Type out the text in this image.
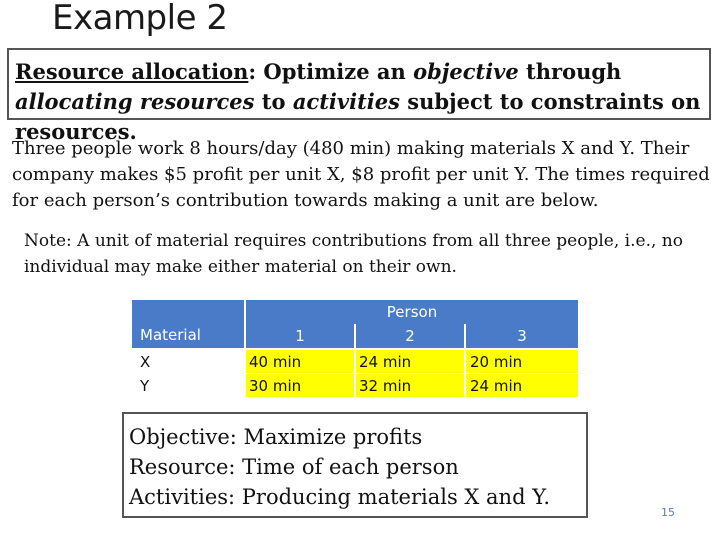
Example 2
Resource allocation: Optimize an objective through allocating resources to activities subject to constraints on resources.
Three people work 8 hours/day (480 min) making materials X and Y. Their company makes $5 profit per unit X, $8 profit per unit Y. The times required for each person’s contribution towards making a unit are below.
Note: A unit of material requires contributions from all three people, i.e., no individual may make either material on their own.
Material
Person
1	2	3
X	40 min	24 min	20 min
Y	30 min	32 min	24 min
Objective: Maximize profits
Resource: Time of each person
Activities: Producing materials X and Y.
15
